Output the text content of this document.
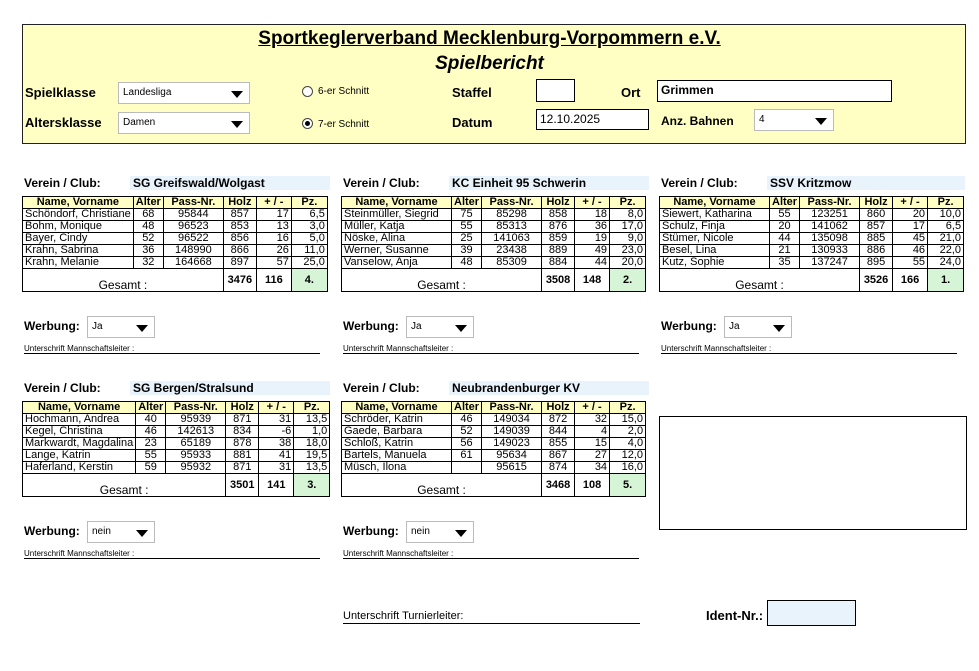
Sportkeglerverband Mecklenburg-Vorpommern e.V.
Spielbericht
Spielklasse	Landesliga
Altersklasse	Damen
6-er Schnitt
7-er Schnitt
Staffel
Datum	12.10.2025
Ort	Grimmen
Anz. Bahnen	4
Verein / Club:	SG Greifswald/Wolgast
Name, Vorname	Alter	Pass-Nr.	Holz	+ / -	Pz.
Schöndorf, Christiane	68	95844	857	17	6,5
Bohm, Monique	48	96523	853	13	3,0
Bayer, Cindy	52	96522	856	16	5,0
Krahn, Sabrina	36	148990	866	26	11,0
Krahn, Melanie	32	164668	897	57	25,0
Gesamt :			3476	116	4.
Werbung:	Ja
Unterschrift Mannschaftsleiter :
Verein / Club:	KC Einheit 95 Schwerin
Name, Vorname	Alter	Pass-Nr.	Holz	+ / -	Pz.
Steinmüller, Siegrid	75	85298	858	18	8,0
Müller, Katja	55	85313	876	36	17,0
Nöske, Alina	25	141063	859	19	9,0
Werner, Susanne	39	23438	889	49	23,0
Vanselow, Anja	48	85309	884	44	20,0
Gesamt :			3508	148	2.
Werbung:	Ja
Unterschrift Mannschaftsleiter :
Verein / Club:	SSV Kritzmow
Name, Vorname	Alter	Pass-Nr.	Holz	+ / -	Pz.
Siewert, Katharina	55	123251	860	20	10,0
Schulz, Finja	20	141062	857	17	6,5
Stümer, Nicole	44	135098	885	45	21,0
Besel, Lina	21	130933	886	46	22,0
Kutz, Sophie	35	137247	895	55	24,0
Gesamt :			3526	166	1.
Werbung:	Ja
Unterschrift Mannschaftsleiter :
Verein / Club:	SG Bergen/Stralsund
Name, Vorname	Alter	Pass-Nr.	Holz	+ / -	Pz.
Hochmann, Andrea	40	95939	871	31	13,5
Kegel, Christina	46	142613	834	-6	1,0
Markwardt, Magdalina	23	65189	878	38	18,0
Lange, Katrin	55	95933	881	41	19,5
Haferland, Kerstin	59	95932	871	31	13,5
Gesamt :			3501	141	3.
Werbung:	nein
Unterschrift Mannschaftsleiter :
Verein / Club:	Neubrandenburger KV
Name, Vorname	Alter	Pass-Nr.	Holz	+ / -	Pz.
Schröder, Katrin	46	149034	872	32	15,0
Gaede, Barbara	52	149039	844	4	2,0
Schloß, Katrin	56	149023	855	15	4,0
Bartels, Manuela	61	95634	867	27	12,0
Müsch, Ilona		95615	874	34	16,0
Gesamt :			3468	108	5.
Werbung:	nein
Unterschrift Mannschaftsleiter :
Unterschrift Turnierleiter:	Ident-Nr.:
